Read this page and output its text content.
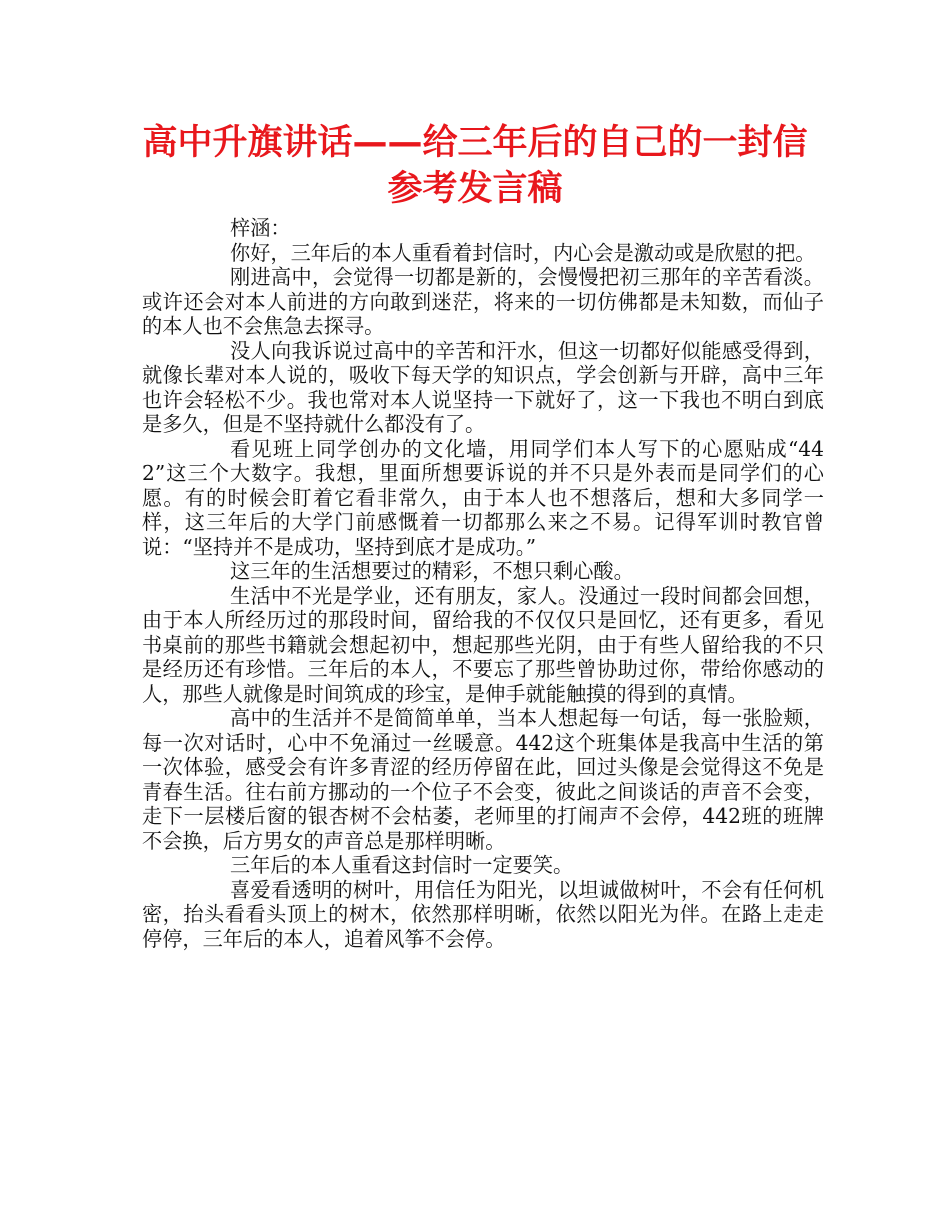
高中升旗讲话——给三年后的自己的一封信参考发言稿

梓涵：

你好，三年后的本人重看着封信时，内心会是激动或是欣慰的把。

刚进高中，会觉得一切都是新的，会慢慢把初三那年的辛苦看淡。或许还会对本人前进的方向敢到迷茫，将来的一切仿佛都是未知数，而仙子的本人也不会焦急去探寻。

没人向我诉说过高中的辛苦和汗水，但这一切都好似能感受得到，就像长辈对本人说的，吸收下每天学的知识点，学会创新与开辟，高中三年也许会轻松不少。我也常对本人说坚持一下就好了，这一下我也不明白到底是多久，但是不坚持就什么都没有了。

看见班上同学创办的文化墙，用同学们本人写下的心愿贴成“442”这三个大数字。我想，里面所想要诉说的并不只是外表而是同学们的心愿。有的时候会盯着它看非常久，由于本人也不想落后，想和大多同学一样，这三年后的大学门前感慨着一切都那么来之不易。记得军训时教官曾说：“坚持并不是成功，坚持到底才是成功。”

这三年的生活想要过的精彩，不想只剩心酸。

生活中不光是学业，还有朋友，家人。没通过一段时间都会回想，由于本人所经历过的那段时间，留给我的不仅仅只是回忆，还有更多，看见书桌前的那些书籍就会想起初中，想起那些光阴，由于有些人留给我的不只是经历还有珍惜。三年后的本人，不要忘了那些曾协助过你，带给你感动的人，那些人就像是时间筑成的珍宝，是伸手就能触摸的得到的真情。

高中的生活并不是简简单单，当本人想起每一句话，每一张脸颊，每一次对话时，心中不免涌过一丝暖意。442这个班集体是我高中生活的第一次体验，感受会有许多青涩的经历停留在此，回过头像是会觉得这不免是青春生活。往右前方挪动的一个位子不会变，彼此之间谈话的声音不会变，走下一层楼后窗的银杏树不会枯萎，老师里的打闹声不会停，442班的班牌不会换，后方男女的声音总是那样明晰。

三年后的本人重看这封信时一定要笑。

喜爱看透明的树叶，用信任为阳光，以坦诚做树叶，不会有任何机密，抬头看看头顶上的树木，依然那样明晰，依然以阳光为伴。在路上走走停停，三年后的本人，追着风筝不会停。
